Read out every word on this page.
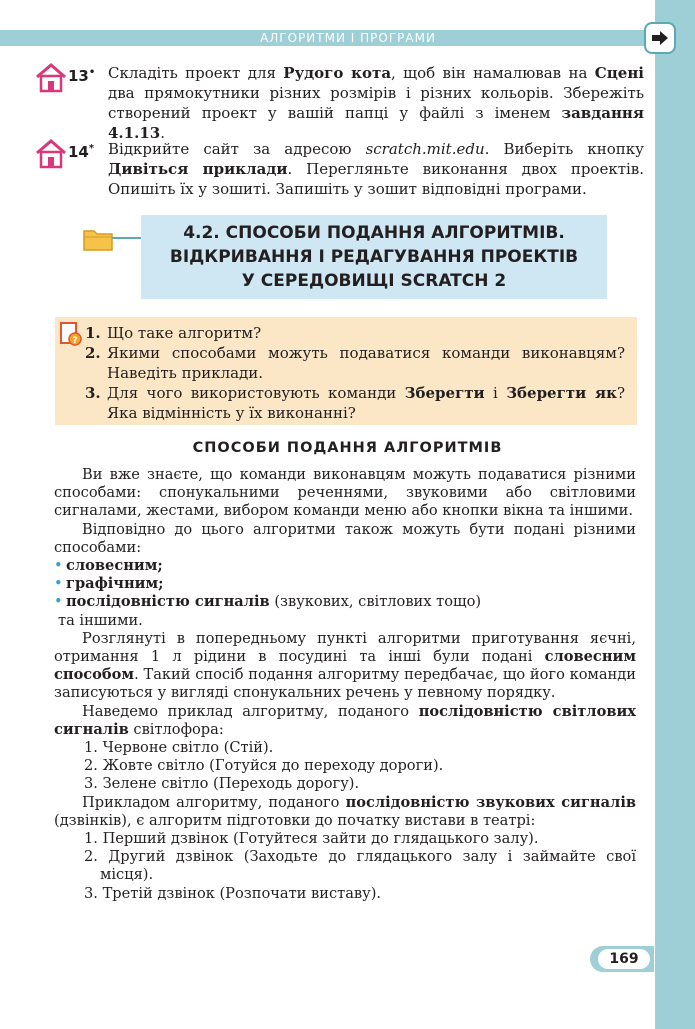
АЛГОРИТМИ І ПРОГРАМИ
13• Складіть проект для Рудого кота, щоб він намалював на Сцені два прямокутники різних розмірів і різних кольорів. Збережіть створений проект у вашій папці у файлі з іменем завдання 4.1.13.
14* Відкрийте сайт за адресою scratch.mit.edu. Виберіть кнопку Дивіться приклади. Перегляньте виконання двох проектів. Опишіть їх у зошиті. Запишіть у зошит відповідні програми.
4.2. СПОСОБИ ПОДАННЯ АЛГОРИТМІВ.
ВІДКРИВАННЯ І РЕДАГУВАННЯ ПРОЕКТІВ
У СЕРЕДОВИЩІ SCRATCH 2
? 1. Що таке алгоритм?
2. Якими способами можуть подаватися команди виконавцям? Наведіть приклади.
3. Для чого використовують команди Зберегти і Зберегти як? Яка відмінність у їх виконанні?
СПОСОБИ ПОДАННЯ АЛГОРИТМІВ

Ви вже знаєте, що команди виконавцям можуть подаватися різними способами: спонукальними реченнями, звуковими або світловими сигналами, жестами, вибором команди меню або кнопки вікна та іншими.

Відповідно до цього алгоритми також можуть бути подані різними способами:

• словесним;
• графічним;
• послідовністю сигналів (звукових, світлових тощо)
та іншими.

Розглянуті в попередньому пункті алгоритми приготування яєчні, отримання 1 л рідини в посудині та інші були подані словесним способом. Такий спосіб подання алгоритму передбачає, що його команди записуються у вигляді спонукальних речень у певному порядку.

Наведемо приклад алгоритму, поданого послідовністю світлових сигналів світлофора:

1. Червоне світло (Стій).
2. Жовте світло (Готуйся до переходу дороги).
3. Зелене світло (Переходь дорогу).

Прикладом алгоритму, поданого послідовністю звукових сигналів (дзвінків), є алгоритм підготовки до початку вистави в театрі:

1. Перший дзвінок (Готуйтеся зайти до глядацького залу).
2. Другий дзвінок (Заходьте до глядацького залу і займайте свої місця).
3. Третій дзвінок (Розпочати виставу).
169
